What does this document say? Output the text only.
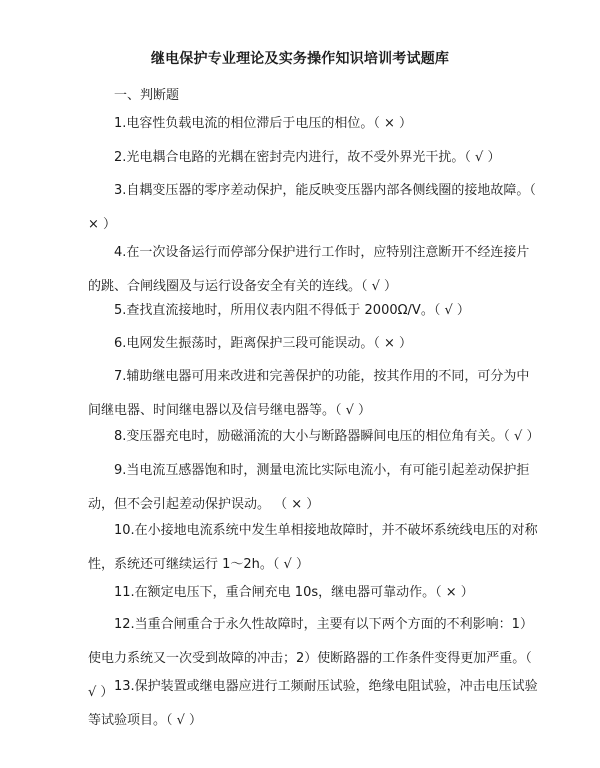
继电保护专业理论及实务操作知识培训考试题库
一、判断题
1.电容性负载电流的相位滞后于电压的相位。（ × ）
2.光电耦合电路的光耦在密封壳内进行，故不受外界光干扰。（ √ ）
3.自耦变压器的零序差动保护，能反映变压器内部各侧线圈的接地故障。（ × ）
4.在一次设备运行而停部分保护进行工作时，应特别注意断开不经连接片的跳、合闸线圈及与运行设备安全有关的连线。（ √ ）
5.查找直流接地时，所用仪表内阻不得低于 2000Ω/V。（ √ ）
6.电网发生振荡时，距离保护三段可能误动。（ × ）
7.辅助继电器可用来改进和完善保护的功能，按其作用的不同，可分为中间继电器、时间继电器以及信号继电器等。（ √ ）
8.变压器充电时，励磁涌流的大小与断路器瞬间电压的相位角有关。（ √ ）
9.当电流互感器饱和时，测量电流比实际电流小，有可能引起差动保护拒动，但不会引起差动保护误动。 （ × ）
10.在小接地电流系统中发生单相接地故障时，并不破坏系统线电压的对称性，系统还可继续运行 1～2h。（ √ ）
11.在额定电压下，重合闸充电 10s，继电器可靠动作。（ × ）
12.当重合闸重合于永久性故障时，主要有以下两个方面的不利影响：1）使电力系统又一次受到故障的冲击；2）使断路器的工作条件变得更加严重。（ √ ） 13.保护装置或继电器应进行工频耐压试验，绝缘电阻试验，冲击电压试验等试验项目。（ √ ）
